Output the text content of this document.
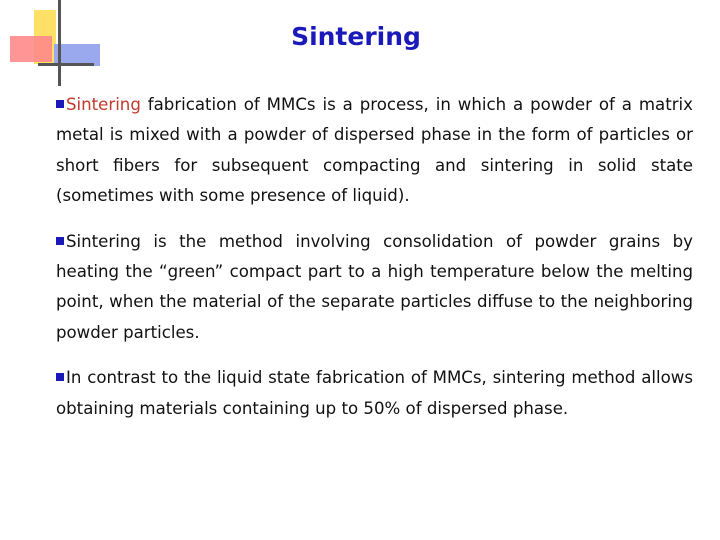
Sintering

Sintering fabrication of MMCs is a process, in which a powder of a matrix metal is mixed with a powder of dispersed phase in the form of particles or short fibers for subsequent compacting and sintering in solid state (sometimes with some presence of liquid).

Sintering is the method involving consolidation of powder grains by heating the “green” compact part to a high temperature below the melting point, when the material of the separate particles diffuse to the neighboring powder particles.

In contrast to the liquid state fabrication of MMCs, sintering method allows obtaining materials containing up to 50% of dispersed phase.
